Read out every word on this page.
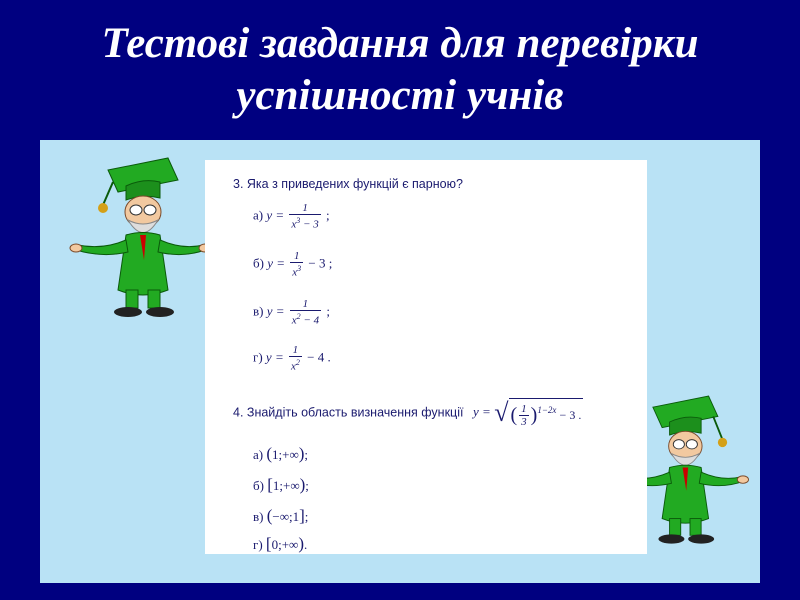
Тестові завдання для перевірки
успішності учнів
3. Яка з приведених функцій є парною?
а) $y = \frac{1}{x^3 - 3}$ ;
б) $y = \frac{1}{x^3} - 3$ ;
в) $y = \frac{1}{x^2 - 4}$ ;
г) $y = \frac{1}{x^2} - 4$ .
4. Знайдіть область визначення функції y = √ ( $\frac{1}{3} )^{1-2x} - 3$ .
а) (1;+∞);
б) [1;+∞);
в) (−∞;1];
г) [0;+∞).
